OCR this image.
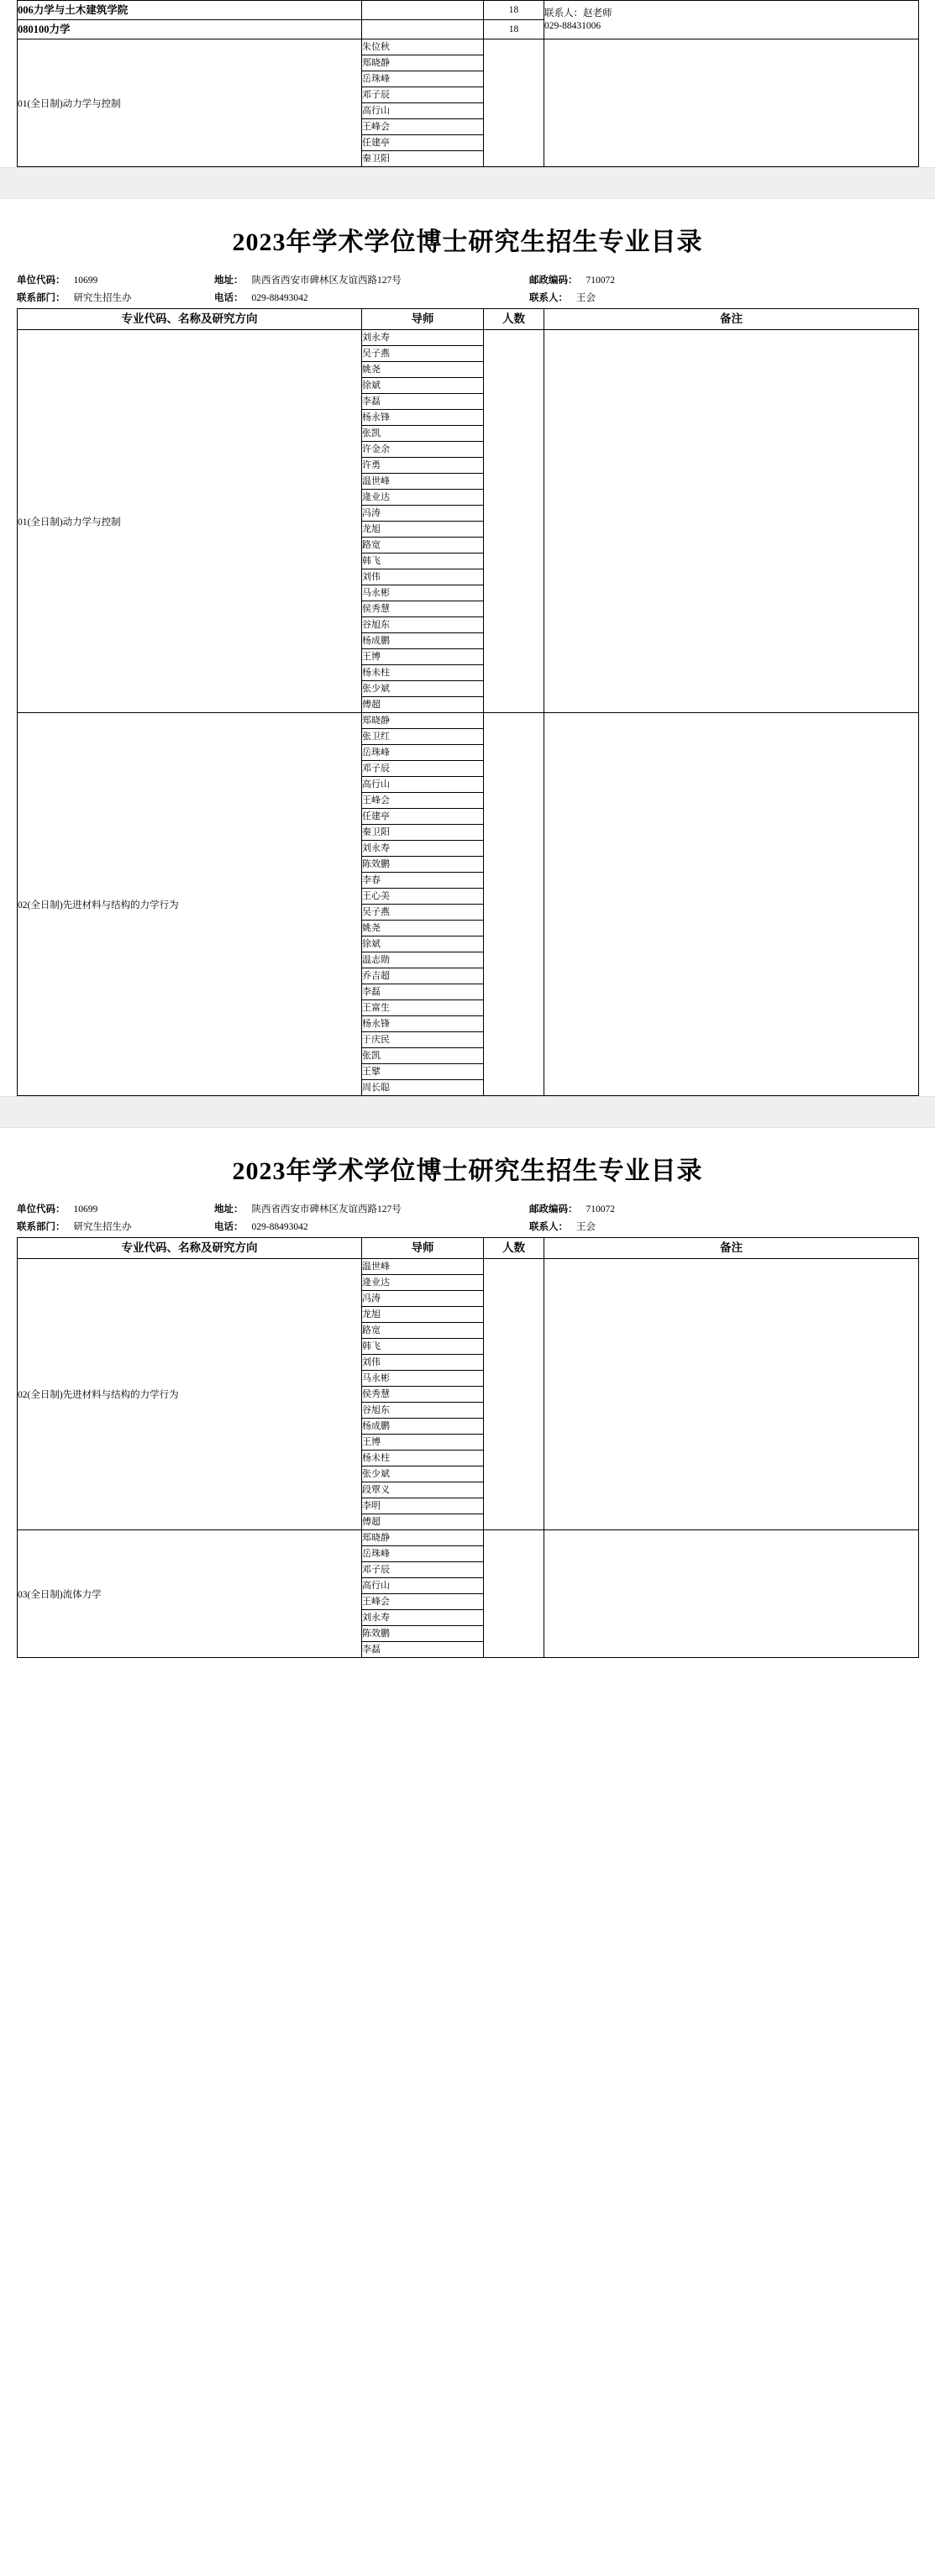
006力学与土木建筑学院		18	联系人：赵老师
029-88431006

080100力学		18	
01(全日制)动力学与控制	朱位秋		
	郑晓静		
	岳珠峰		
	邓子辰		
	高行山		
	王峰会		
	任建亭		
	秦卫阳		
2023年学术学位博士研究生招生专业目录
单位代码： 10699	地址： 陕西省西安市碑林区友谊西路127号	邮政编码： 710072
联系部门： 研究生招生办	电话： 029-88493042	联系人： 王会
专业代码、名称及研究方向	导师	人数	备注
01(全日制)动力学与控制	刘永寿		
	吴子燕		
	姚尧		
	徐斌		
	李磊		
	杨永锋		
	张凯		
	许金余		
	许勇		
	温世峰		
	逄业达		
	冯涛		
	龙旭		
	路宽		
	韩飞		
	刘伟		
	马永彬		
	侯秀慧		
	谷旭东		
	杨成鹏		
	王博		
	杨未柱		
	张少斌		
	傅超		
02(全日制)先进材料与结构的力学行为	郑晓静		
	张卫红		
	岳珠峰		
	邓子辰		
	高行山		
	王峰会		
	任建亭		
	秦卫阳		
	刘永寿		
	陈效鹏		
	李春		
	王心美		
	吴子燕		
	姚尧		
	徐斌		
	温志勋		
	乔吉超		
	李磊		
	王富生		
	杨永锋		
	于庆民		
	张凯		
	王擘		
	周长聪		
2023年学术学位博士研究生招生专业目录
单位代码： 10699	地址： 陕西省西安市碑林区友谊西路127号	邮政编码： 710072
联系部门： 研究生招生办	电话： 029-88493042	联系人： 王会
专业代码、名称及研究方向	导师	人数	备注
02(全日制)先进材料与结构的力学行为	温世峰		
	逄业达		
	冯涛		
	龙旭		
	路宽		
	韩飞		
	刘伟		
	马永彬		
	侯秀慧		
	谷旭东		
	杨成鹏		
	王博		
	杨未柱		
	张少斌		
	段覃义		
	李明		
	傅超		
03(全日制)流体力学	郑晓静		
	岳珠峰		
	邓子辰		
	高行山		
	王峰会		
	刘永寿		
	陈效鹏		
	李磊		
